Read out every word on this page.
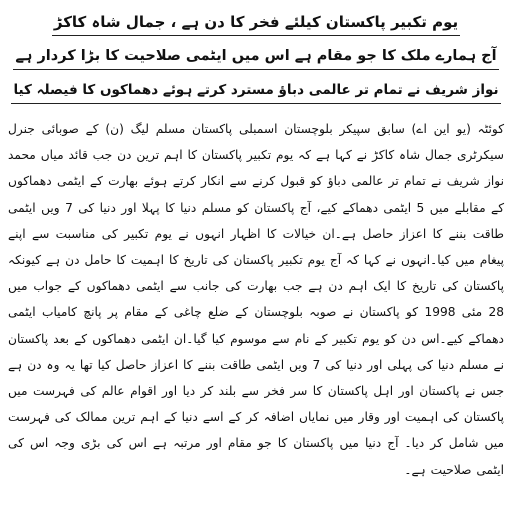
یوم تکبیر پاکستان کیلئے فخر کا دن ہے ، جمال شاہ کاکڑ
آج ہمارے ملک کا جو مقام ہے اس میں ایٹمی صلاحیت کا بڑا کردار ہے
نواز شریف نے تمام تر عالمی دباؤ مسترد کرتے ہوئے دھماکوں کا فیصلہ کیا
کوئٹہ (یو این اے) سابق سپیکر بلوچستان اسمبلی پاکستان مسلم لیگ (ن) کے صوبائی جنرل سیکرٹری جمال شاہ کاکڑ نے کہا ہے کہ یوم تکبیر پاکستان کا اہم ترین دن جب قائد میاں محمد نواز شریف نے تمام تر عالمی دباؤ کو قبول کرنے سے انکار کرتے ہوئے بھارت کے ایٹمی دھماکوں کے مقابلے میں 5 ایٹمی دھماکے کیے، آج پاکستان کو مسلم دنیا کا پہلا اور دنیا کی 7 ویں ایٹمی طاقت بننے کا اعزاز حاصل ہے۔ان خیالات کا اظہار انہوں نے یوم تکبیر کی مناسبت سے اپنے پیغام میں کیا۔انہوں نے کہا کہ آج یوم تکبیر پاکستان کی تاریخ کا اہمیت کا حامل دن ہے کیونکہ پاکستان کی تاریخ کا ایک اہم دن ہے جب بھارت کی جانب سے ایٹمی دھماکوں کے جواب میں 28 مئی 1998 کو پاکستان نے صوبہ بلوچستان کے ضلع چاغی کے مقام پر پانچ کامیاب ایٹمی دھماکے کیے۔اس دن کو یوم تکبیر کے نام سے موسوم کیا گیا۔ان ایٹمی دھماکوں کے بعد پاکستان نے مسلم دنیا کی پہلی اور دنیا کی 7 ویں ایٹمی طاقت بننے کا اعزاز حاصل کیا تھا یہ وہ دن ہے جس نے پاکستان اور اہل پاکستان کا سر فخر سے بلند کر دیا اور اقوام عالم کی فہرست میں پاکستان کی اہمیت اور وقار میں نمایاں اضافہ کر کے اسے دنیا کے اہم ترین ممالک کی فہرست میں شامل کر دیا۔ آج دنیا میں پاکستان کا جو مقام اور مرتبہ ہے اس کی بڑی وجہ اس کی ایٹمی صلاحیت ہے۔
